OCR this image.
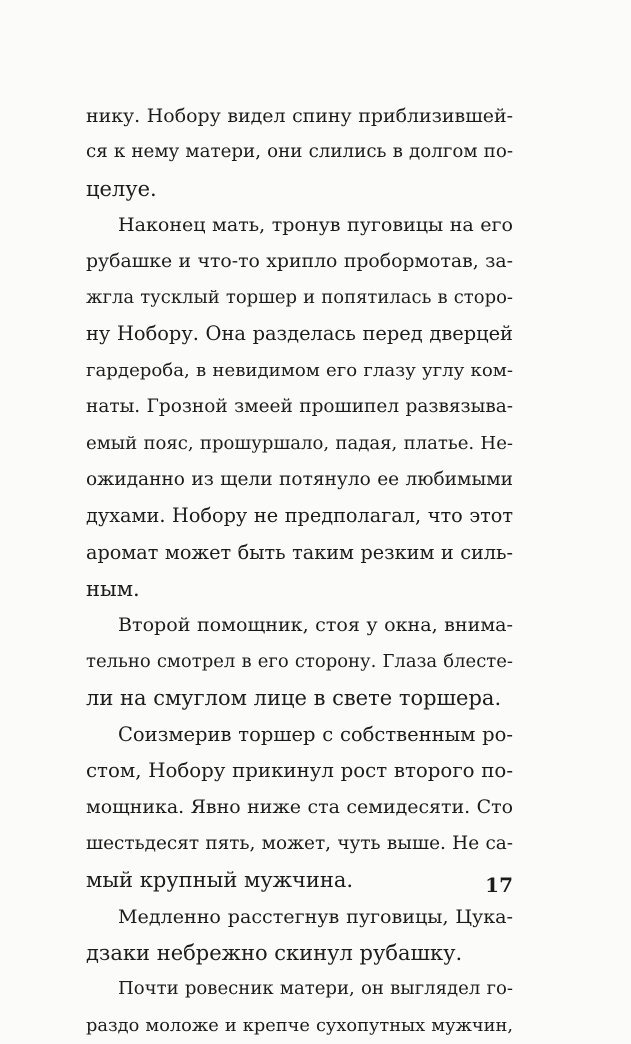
нику. Нобору видел спину приблизившей-
ся к нему матери, они слились в долгом по-
целуе.
Наконец мать, тронув пуговицы на его
рубашке и что-то хрипло пробормотав, за-
жгла тусклый торшер и попятилась в сторо-
ну Нобору. Она разделась перед дверцей
гардероба, в невидимом его глазу углу ком-
наты. Грозной змеей прошипел развязыва-
емый пояс, прошуршало, падая, платье. Не-
ожиданно из щели потянуло ее любимыми
духами. Нобору не предполагал, что этот
аромат может быть таким резким и силь-
ным.
Второй помощник, стоя у окна, внима-
тельно смотрел в его сторону. Глаза блесте-
ли на смуглом лице в свете торшера.
Соизмерив торшер с собственным ро-
стом, Нобору прикинул рост второго по-
мощника. Явно ниже ста семидесяти. Сто
шестьдесят пять, может, чуть выше. Не са-
мый крупный мужчина.
Медленно расстегнув пуговицы, Цука-
дзаки небрежно скинул рубашку.
Почти ровесник матери, он выглядел го-
раздо моложе и крепче сухопутных мужчин,
17
